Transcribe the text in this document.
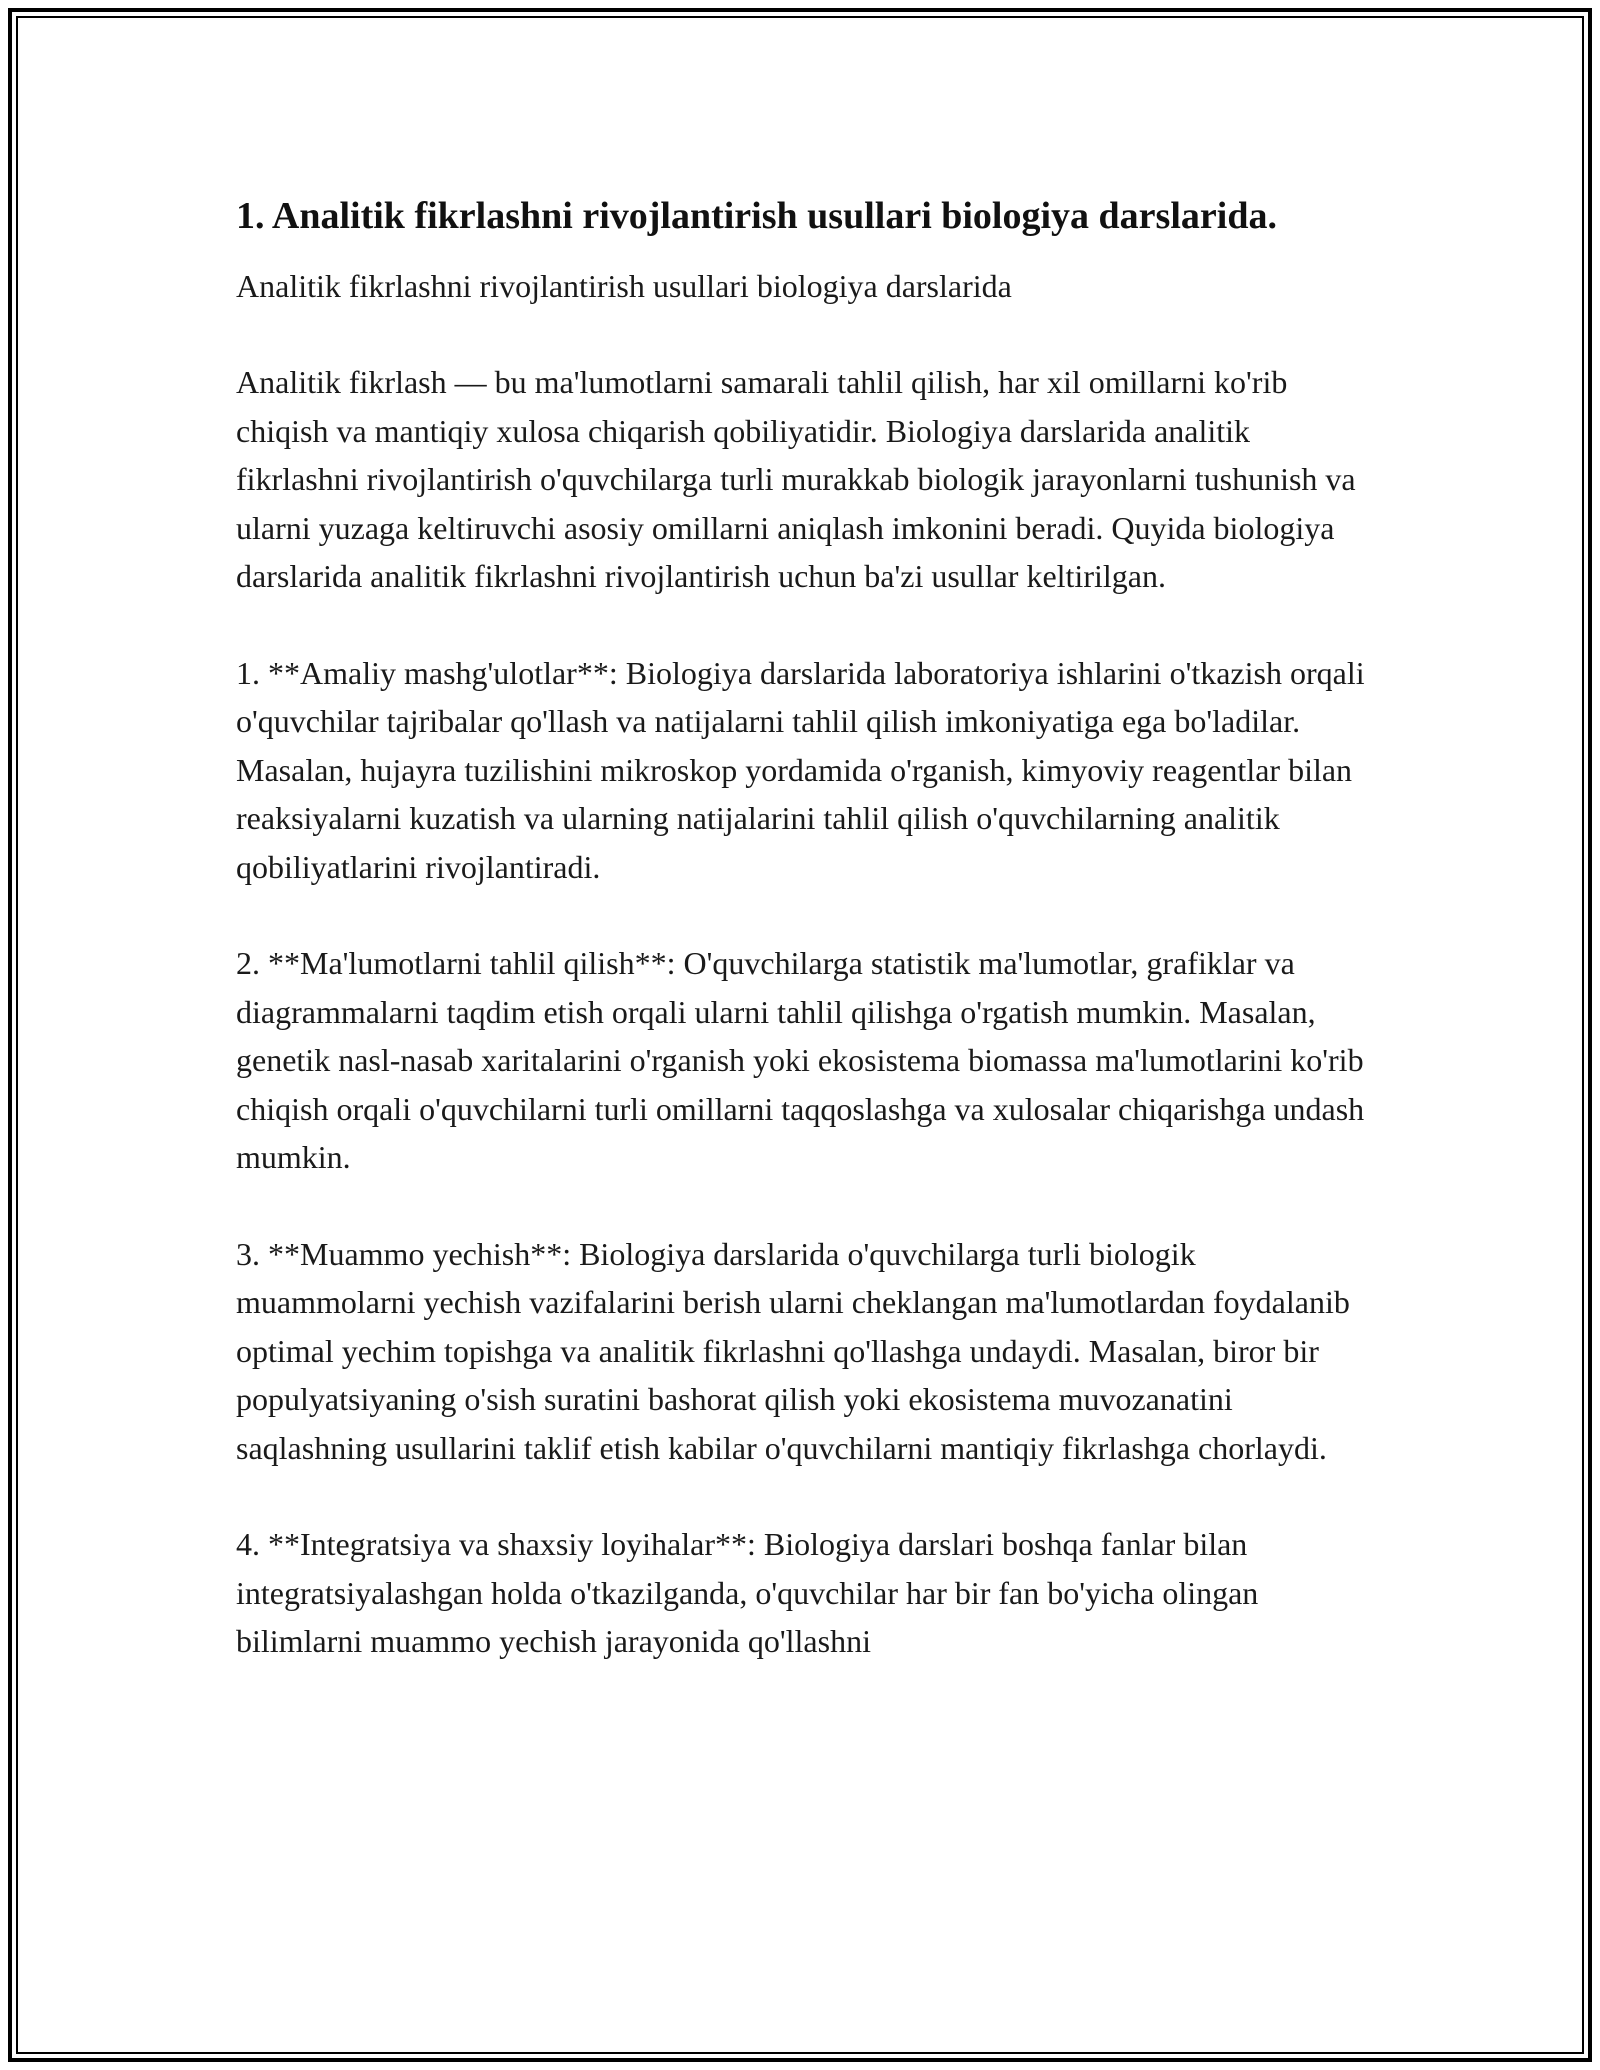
1. Analitik fikrlashni rivojlantirish usullari biologiya darslarida.

Analitik fikrlashni rivojlantirish usullari biologiya darslarida

Analitik fikrlash — bu ma'lumotlarni samarali tahlil qilish, har xil omillarni ko'rib chiqish va mantiqiy xulosa chiqarish qobiliyatidir. Biologiya darslarida analitik fikrlashni rivojlantirish o'quvchilarga turli murakkab biologik jarayonlarni tushunish va ularni yuzaga keltiruvchi asosiy omillarni aniqlash imkonini beradi. Quyida biologiya darslarida analitik fikrlashni rivojlantirish uchun ba'zi usullar keltirilgan.

1. **Amaliy mashg'ulotlar**: Biologiya darslarida laboratoriya ishlarini o'tkazish orqali o'quvchilar tajribalar qo'llash va natijalarni tahlil qilish imkoniyatiga ega bo'ladilar. Masalan, hujayra tuzilishini mikroskop yordamida o'rganish, kimyoviy reagentlar bilan reaksiyalarni kuzatish va ularning natijalarini tahlil qilish o'quvchilarning analitik qobiliyatlarini rivojlantiradi.

2. **Ma'lumotlarni tahlil qilish**: O'quvchilarga statistik ma'lumotlar, grafiklar va diagrammalarni taqdim etish orqali ularni tahlil qilishga o'rgatish mumkin. Masalan, genetik nasl-nasab xaritalarini o'rganish yoki ekosistema biomassa ma'lumotlarini ko'rib chiqish orqali o'quvchilarni turli omillarni taqqoslashga va xulosalar chiqarishga undash mumkin.

3. **Muammo yechish**: Biologiya darslarida o'quvchilarga turli biologik muammolarni yechish vazifalarini berish ularni cheklangan ma'lumotlardan foydalanib optimal yechim topishga va analitik fikrlashni qo'llashga undaydi. Masalan, biror bir populyatsiyaning o'sish suratini bashorat qilish yoki ekosistema muvozanatini saqlashning usullarini taklif etish kabilar o'quvchilarni mantiqiy fikrlashga chorlaydi.

4. **Integratsiya va shaxsiy loyihalar**: Biologiya darslari boshqa fanlar bilan integratsiyalashgan holda o'tkazilganda, o'quvchilar har bir fan bo'yicha olingan bilimlarni muammo yechish jarayonida qo'llashni
